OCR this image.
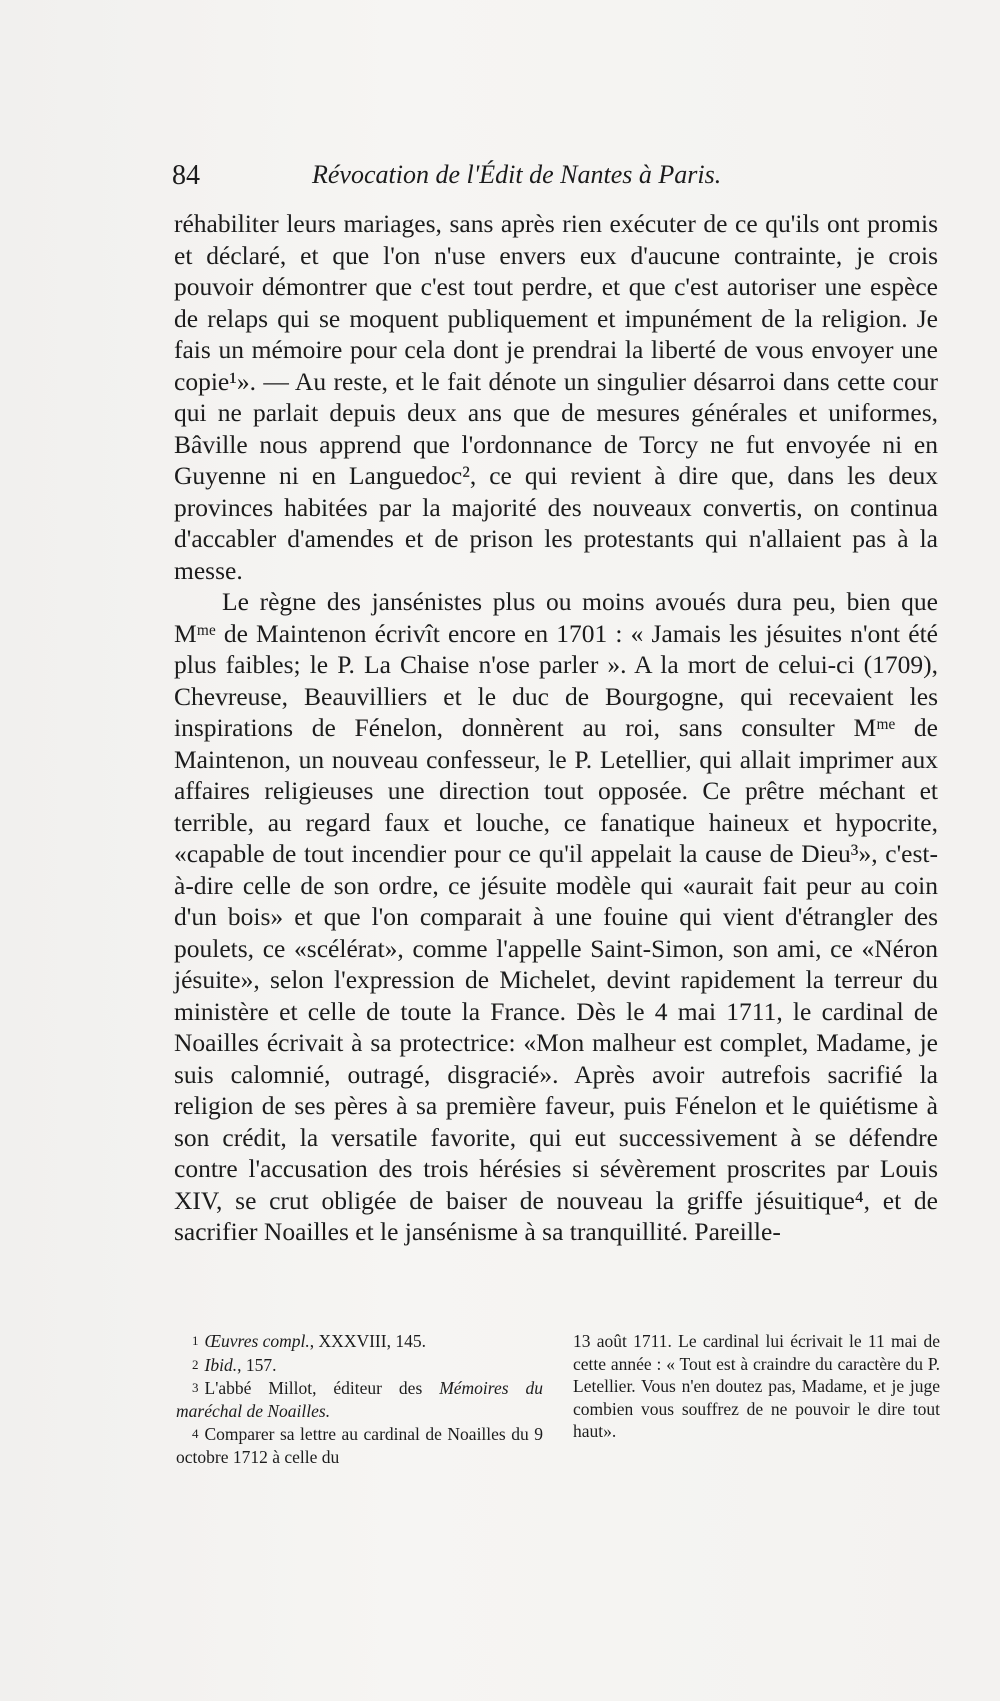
84	Révocation de l'Édit de Nantes à Paris.

réhabiliter leurs mariages, sans après rien exécuter de ce qu'ils ont promis et déclaré, et que l'on n'use envers eux d'aucune contrainte, je crois pouvoir démontrer que c'est tout perdre, et que c'est autoriser une espèce de relaps qui se moquent publiquement et impunément de la religion. Je fais un mémoire pour cela dont je prendrai la liberté de vous envoyer une copie¹». — Au reste, et le fait dénote un singulier désarroi dans cette cour qui ne parlait depuis deux ans que de mesures générales et uniformes, Bâville nous apprend que l'ordonnance de Torcy ne fut envoyée ni en Guyenne ni en Languedoc², ce qui revient à dire que, dans les deux provinces habitées par la majorité des nouveaux convertis, on continua d'accabler d'amendes et de prison les protestants qui n'allaient pas à la messe.

Le règne des jansénistes plus ou moins avoués dura peu, bien que Mᵐᵉ de Maintenon écrivît encore en 1701 : « Jamais les jésuites n'ont été plus faibles; le P. La Chaise n'ose parler ». A la mort de celui-ci (1709), Chevreuse, Beauvilliers et le duc de Bourgogne, qui recevaient les inspirations de Fénelon, donnèrent au roi, sans consulter Mᵐᵉ de Maintenon, un nouveau confesseur, le P. Letellier, qui allait imprimer aux affaires religieuses une direction tout opposée. Ce prêtre méchant et terrible, au regard faux et louche, ce fanatique haineux et hypocrite, «capable de tout incendier pour ce qu'il appelait la cause de Dieu³», c'est-à-dire celle de son ordre, ce jésuite modèle qui «aurait fait peur au coin d'un bois» et que l'on comparait à une fouine qui vient d'étrangler des poulets, ce «scélérat», comme l'appelle Saint-Simon, son ami, ce «Néron jésuite», selon l'expression de Michelet, devint rapidement la terreur du ministère et celle de toute la France. Dès le 4 mai 1711, le cardinal de Noailles écrivait à sa protectrice: «Mon malheur est complet, Madame, je suis calomnié, outragé, disgracié». Après avoir autrefois sacrifié la religion de ses pères à sa première faveur, puis Fénelon et le quiétisme à son crédit, la versatile favorite, qui eut successivement à se défendre contre l'accusation des trois hérésies si sévèrement proscrites par Louis XIV, se crut obligée de baiser de nouveau la griffe jésuitique⁴, et de sacrifier Noailles et le jansénisme à sa tranquillité. Pareille-

1 Œuvres compl., XXXVIII, 145.

2 Ibid., 157.

3 L'abbé Millot, éditeur des Mémoires du maréchal de Noailles.

4 Comparer sa lettre au cardinal de Noailles du 9 octobre 1712 à celle du

13 août 1711. Le cardinal lui écrivait le 11 mai de cette année : « Tout est à craindre du caractère du P. Letellier. Vous n'en doutez pas, Madame, et je juge combien vous souffrez de ne pouvoir le dire tout haut».
